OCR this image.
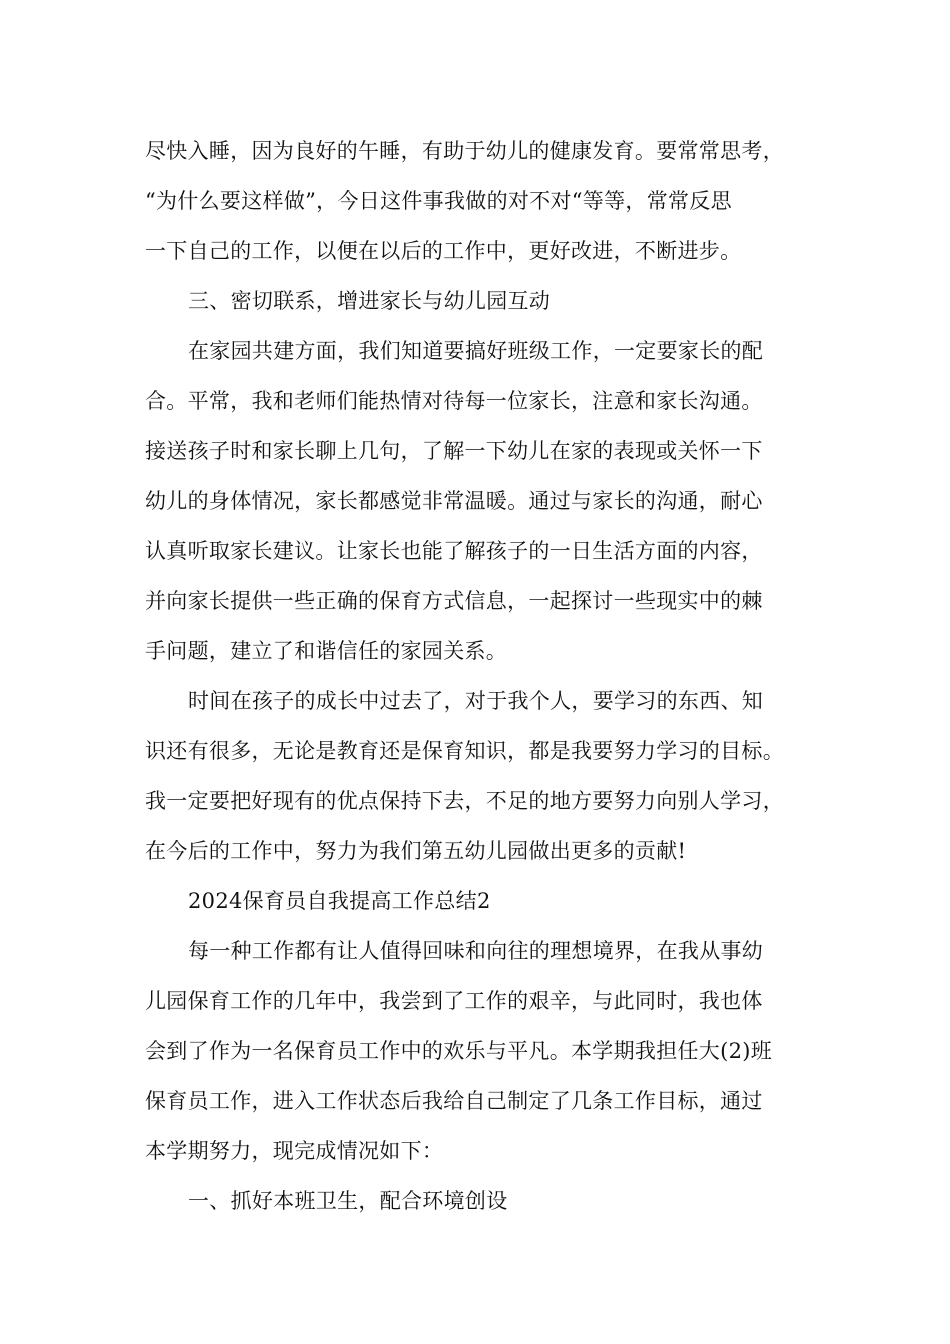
尽快入睡，因为良好的午睡，有助于幼儿的健康发育。要常常思考，
“为什么要这样做”，今日这件事我做的对不对“等等，常常反思
一下自己的工作，以便在以后的工作中，更好改进，不断进步。
三、密切联系，增进家长与幼儿园互动
在家园共建方面，我们知道要搞好班级工作，一定要家长的配
合。平常，我和老师们能热情对待每一位家长，注意和家长沟通。
接送孩子时和家长聊上几句，了解一下幼儿在家的表现或关怀一下
幼儿的身体情况，家长都感觉非常温暖。通过与家长的沟通，耐心
认真听取家长建议。让家长也能了解孩子的一日生活方面的内容，
并向家长提供一些正确的保育方式信息，一起探讨一些现实中的棘
手问题，建立了和谐信任的家园关系。
时间在孩子的成长中过去了，对于我个人，要学习的东西、知
识还有很多，无论是教育还是保育知识，都是我要努力学习的目标。
我一定要把好现有的优点保持下去，不足的地方要努力向别人学习，
在今后的工作中，努力为我们第五幼儿园做出更多的贡献!
2024保育员自我提高工作总结2
每一种工作都有让人值得回味和向往的理想境界，在我从事幼
儿园保育工作的几年中，我尝到了工作的艰辛，与此同时，我也体
会到了作为一名保育员工作中的欢乐与平凡。本学期我担任大(2)班
保育员工作，进入工作状态后我给自己制定了几条工作目标，通过
本学期努力，现完成情况如下：
一、抓好本班卫生，配合环境创设
